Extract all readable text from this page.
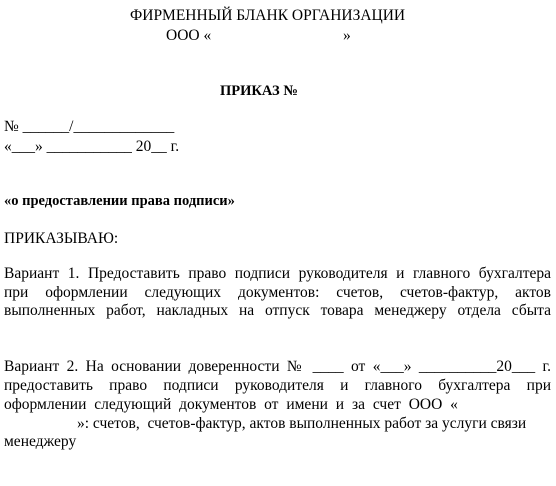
ФИРМЕННЫЙ БЛАНК ОРГАНИЗАЦИИ
ООО «                                  »
ПРИКАЗ №
№ ______/_____________
«___» ___________ 20__ г.
«о предоставлении права подписи»
ПРИКАЗЫВАЮ:
Вариант 1. Предоставить право подписи руководителя и главного бухгалтера
при оформлении следующих документов: счетов, счетов-фактур, актов
выполненных работ, накладных на отпуск товара менеджеру отдела сбыта
Вариант 2. На основании доверенности № ____ от «___» __________20___ г.
предоставить право подписи руководителя и главного бухгалтера при
оформлении следующий документов от имени и за счет ООО «
»: счетов,  счетов-фактур, актов выполненных работ за услуги связи
менеджеру
